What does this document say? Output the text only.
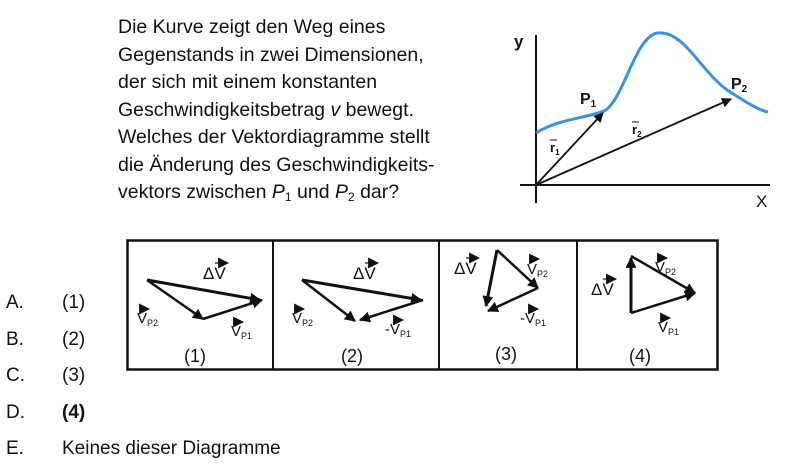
Die Kurve zeigt den Weg eines
Gegenstands in zwei Dimensionen,
der sich mit einem konstanten
Geschwindigkeitsbetrag v bewegt.
Welches der Vektordiagramme stellt
die Änderung des Geschwindigkeits-
vektors zwischen $P_1$ und $P_2$ dar?
y
X
P1
P2
$r_1$
$r_2$
ΔV
$V_{P2}$	$V_{P1}$
(1)
ΔV
$V_{P2}$	$-V_{P1}$
(2)
ΔV	$V_{P2}$
$-V_{P1}$
(3)
ΔV
$V_{P2}$
$V_{P1}$
(4)
A.	(1)
B.	(2)
C.	(3)
D.	(4)
E.	Keines dieser Diagramme
